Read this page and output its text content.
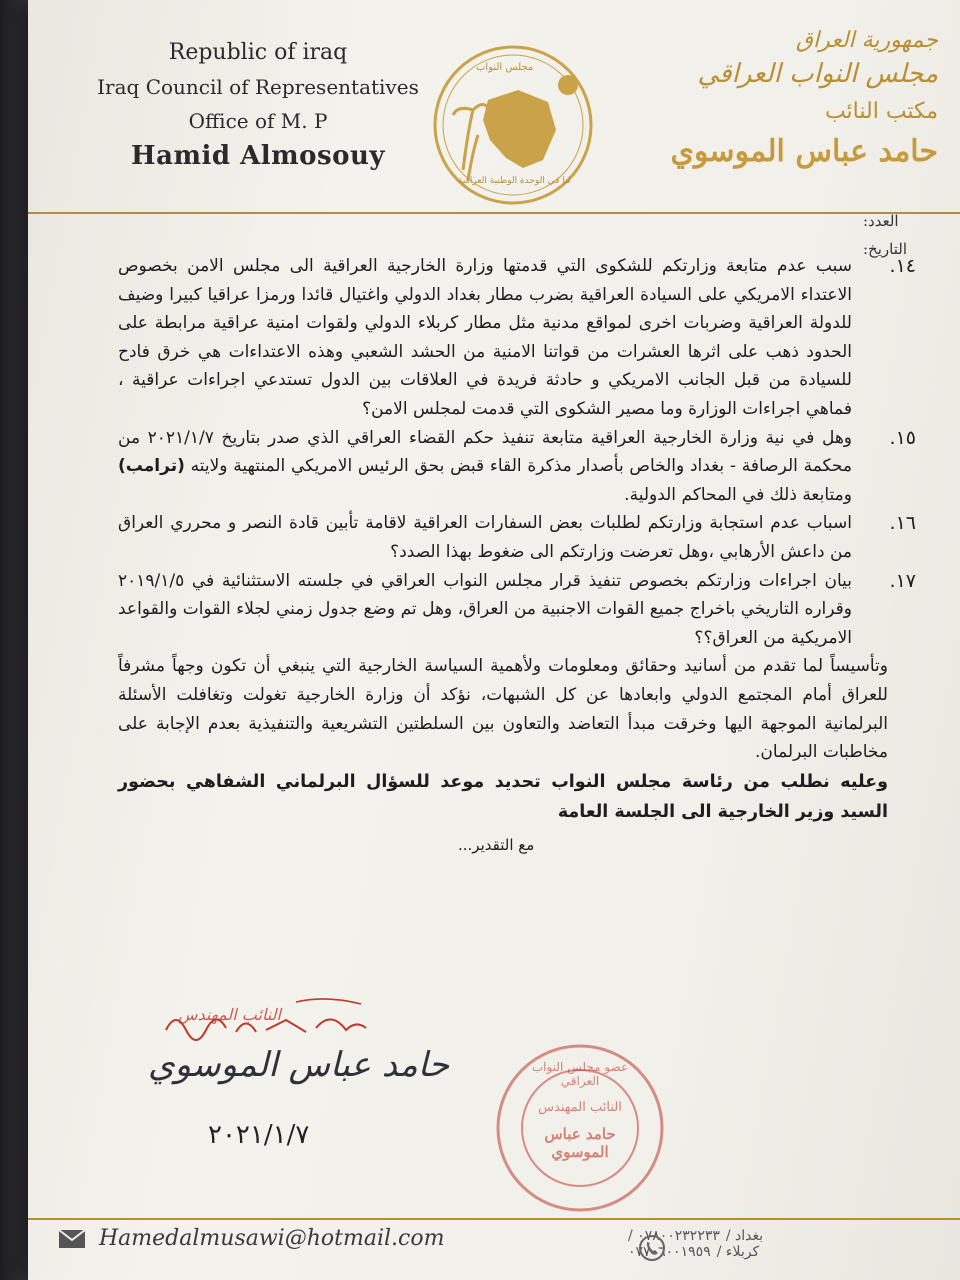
Republic of iraq
Iraq Council of Representatives
Office of M. P
Hamid Almosouy
مجلس النواب
لنا في الوحدة الوطنية العراقية
جمهورية العراق
مجلس النواب العراقي
مكتب النائب
حامد عباس الموسوي
العدد:
التاريخ:
١٤.
سبب عدم متابعة وزارتكم للشكوى التي قدمتها وزارة الخارجية العراقية الى مجلس الامن بخصوص الاعتداء الامريكي على السيادة العراقية بضرب مطار بغداد الدولي واغتيال قائدا ورمزا عراقيا كبيرا وضيف للدولة العراقية وضربات اخرى لمواقع مدنية مثل مطار كربلاء الدولي ولقوات امنية عراقية مرابطة على الحدود ذهب على اثرها العشرات من قواتنا الامنية من الحشد الشعبي وهذه الاعتداءات هي خرق فادح للسيادة من قبل الجانب الامريكي و حادثة فريدة في العلاقات بين الدول تستدعي اجراءات عراقية ، فماهي اجراءات الوزارة وما مصير الشكوى التي قدمت لمجلس الامن؟
١٥.
وهل في نية وزارة الخارجية العراقية متابعة تنفيذ حكم القضاء العراقي الذي صدر بتاريخ ٢٠٢١/١/٧ من محكمة الرصافة - بغداد والخاص بأصدار مذكرة القاء قبض بحق الرئيس الامريكي المنتهية ولايته (ترامب) ومتابعة ذلك في المحاكم الدولية.
١٦.
اسباب عدم استجابة وزارتكم لطلبات بعض السفارات العراقية لاقامة تأبين قادة النصر و محرري العراق من داعش الأرهابي ،وهل تعرضت وزارتكم الى ضغوط بهذا الصدد؟
١٧.
بيان اجراءات وزارتكم بخصوص تنفيذ قرار مجلس النواب العراقي في جلسته الاستثنائية في ٢٠١٩/١/٥ وقراره التاريخي باخراج جميع القوات الاجنبية من العراق، وهل تم وضع جدول زمني لجلاء القوات والقواعد الامريكية من العراق؟؟
وتأسيساً لما تقدم من أسانيد وحقائق ومعلومات ولأهمية السياسة الخارجية التي ينبغي أن تكون وجهاً مشرفاً للعراق أمام المجتمع الدولي وابعادها عن كل الشبهات، نؤكد أن وزارة الخارجية تغولت وتغافلت الأسئلة البرلمانية الموجهة اليها وخرقت مبدأ التعاضد والتعاون بين السلطتين التشريعية والتنفيذية بعدم الإجابة على مخاطبات البرلمان.
وعليه نطلب من رئاسة مجلس النواب تحديد موعد للسؤال البرلماني الشفاهي بحضور السيد وزير الخارجية الى الجلسة العامة
مع التقدير...
النائب المهندس
حامد عباس الموسوي
٢٠٢١/١/٧
عضو مجلس النواب العراقي
النائب المهندس
حامد عباس الموسوي
Hamedalmusawi@hotmail.com	بغداد /
٠٧٨٠٠٢٣٢٢٣٣ /
كربلاء /
٠٧٧٠٦٠٠١٩٥٩
